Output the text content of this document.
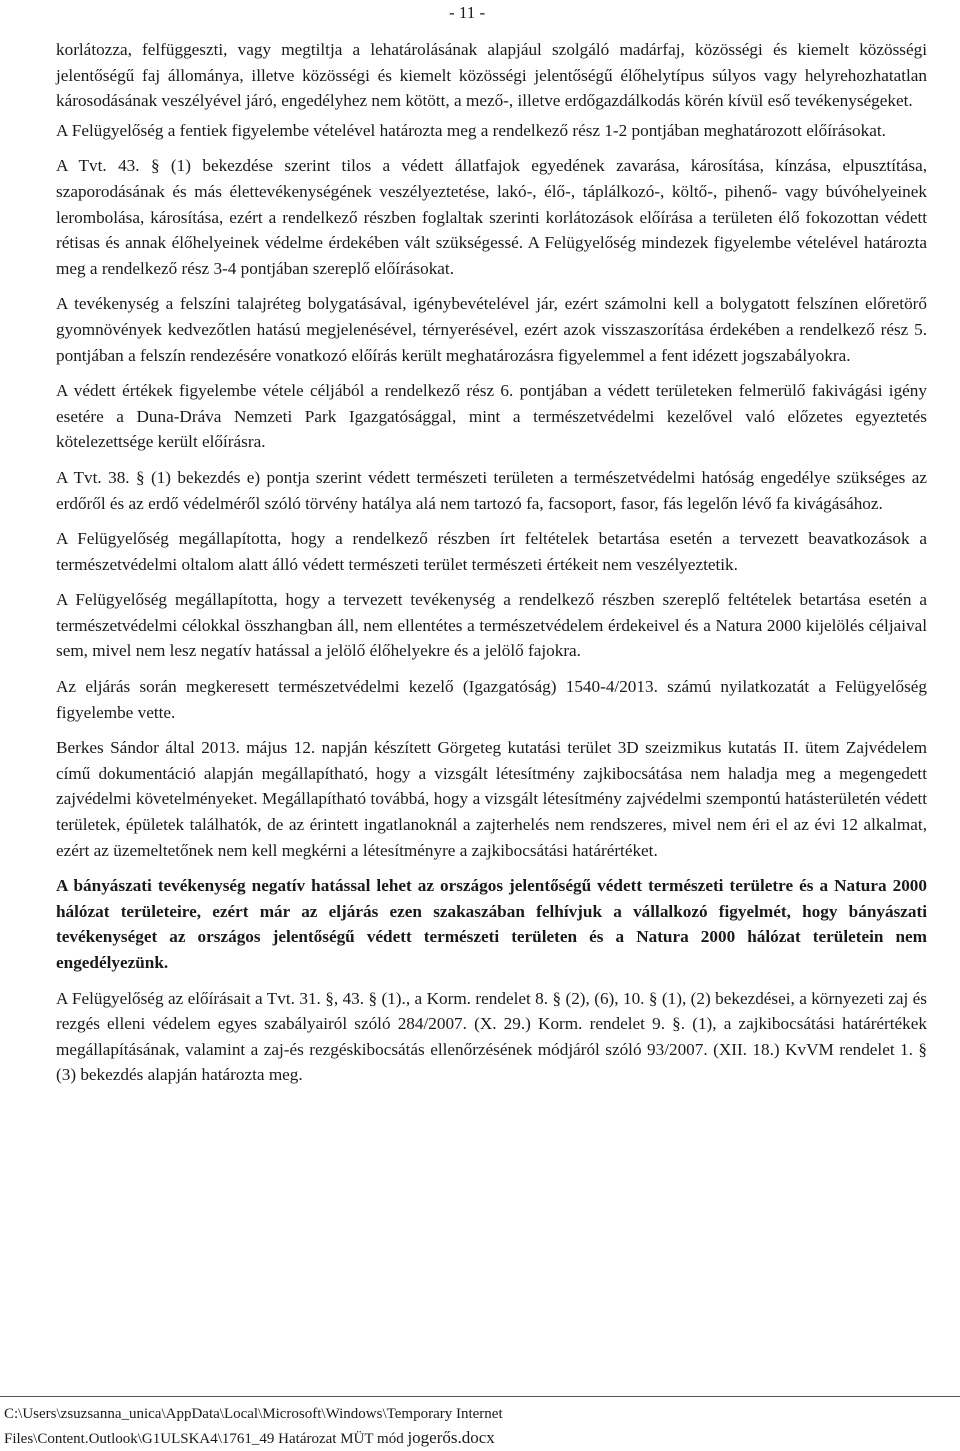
- 11 -

korlátozza, felfüggeszti, vagy megtiltja a lehatárolásának alapjául szolgáló madárfaj, közösségi és kiemelt közösségi jelentőségű faj állománya, illetve közösségi és kiemelt közösségi jelentőségű élőhelytípus súlyos vagy helyrehozhatatlan károsodásának veszélyével járó, engedélyhez nem kötött, a mező-, illetve erdőgazdálkodás körén kívül eső tevékenységeket.

A Felügyelőség a fentiek figyelembe vételével határozta meg a rendelkező rész 1-2 pontjában meghatározott előírásokat.

A Tvt. 43. § (1) bekezdése szerint tilos a védett állatfajok egyedének zavarása, károsítása, kínzása, elpusztítása, szaporodásának és más élettevékenységének veszélyeztetése, lakó-, élő-, táplálkozó-, költő-, pihenő- vagy búvóhelyeinek lerombolása, károsítása, ezért a rendelkező részben foglaltak szerinti korlátozások előírása a területen élő fokozottan védett rétisas és annak élőhelyeinek védelme érdekében vált szükségessé. A Felügyelőség mindezek figyelembe vételével határozta meg a rendelkező rész 3-4 pontjában szereplő előírásokat.

A tevékenység a felszíni talajréteg bolygatásával, igénybevételével jár, ezért számolni kell a bolygatott felszínen előretörő gyomnövények kedvezőtlen hatású megjelenésével, térnyerésével, ezért azok visszaszorítása érdekében a rendelkező rész 5. pontjában a felszín rendezésére vonatkozó előírás került meghatározásra figyelemmel a fent idézett jogszabályokra.

A védett értékek figyelembe vétele céljából a rendelkező rész 6. pontjában a védett területeken felmerülő fakivágási igény esetére a Duna-Dráva Nemzeti Park Igazgatósággal, mint a természetvédelmi kezelővel való előzetes egyeztetés kötelezettsége került előírásra.

A Tvt. 38. § (1) bekezdés e) pontja szerint védett természeti területen a természetvédelmi hatóság engedélye szükséges az erdőről és az erdő védelméről szóló törvény hatálya alá nem tartozó fa, facsoport, fasor, fás legelőn lévő fa kivágásához.

A Felügyelőség megállapította, hogy a rendelkező részben írt feltételek betartása esetén a tervezett beavatkozások a természetvédelmi oltalom alatt álló védett természeti terület természeti értékeit nem veszélyeztetik.

A Felügyelőség megállapította, hogy a tervezett tevékenység a rendelkező részben szereplő feltételek betartása esetén a természetvédelmi célokkal összhangban áll, nem ellentétes a természetvédelem érdekeivel és a Natura 2000 kijelölés céljaival sem, mivel nem lesz negatív hatással a jelölő élőhelyekre és a jelölő fajokra.

Az eljárás során megkeresett természetvédelmi kezelő (Igazgatóság) 1540-4/2013. számú nyilatkozatát a Felügyelőség figyelembe vette.

Berkes Sándor által 2013. május 12. napján készített Görgeteg kutatási terület 3D szeizmikus kutatás II. ütem Zajvédelem című dokumentáció alapján megállapítható, hogy a vizsgált létesítmény zajkibocsátása nem haladja meg a megengedett zajvédelmi követelményeket. Megállapítható továbbá, hogy a vizsgált létesítmény zajvédelmi szempontú hatásterületén védett területek, épületek találhatók, de az érintett ingatlanoknál a zajterhelés nem rendszeres, mivel nem éri el az évi 12 alkalmat, ezért az üzemeltetőnek nem kell megkérni a létesítményre a zajkibocsátási határértéket.

A bányászati tevékenység negatív hatással lehet az országos jelentőségű védett természeti területre és a Natura 2000 hálózat területeire, ezért már az eljárás ezen szakaszában felhívjuk a vállalkozó figyelmét, hogy bányászati tevékenységet az országos jelentőségű védett természeti területen és a Natura 2000 hálózat területein nem engedélyezünk.

A Felügyelőség az előírásait a Tvt. 31. §, 43. § (1)., a Korm. rendelet 8. § (2), (6), 10. § (1), (2) bekezdései, a környezeti zaj és rezgés elleni védelem egyes szabályairól szóló 284/2007. (X. 29.) Korm. rendelet 9. §. (1), a zajkibocsátási határértékek megállapításának, valamint a zaj-és rezgéskibocsátás ellenőrzésének módjáról szóló 93/2007. (XII. 18.) KvVM rendelet 1. § (3) bekezdés alapján határozta meg.

C:\Users\zsuzsanna_unica\AppData\Local\Microsoft\Windows\Temporary Internet
Files\Content.Outlook\G1ULSKA4\1761_49 Határozat MÜT mód jogerős.docx
